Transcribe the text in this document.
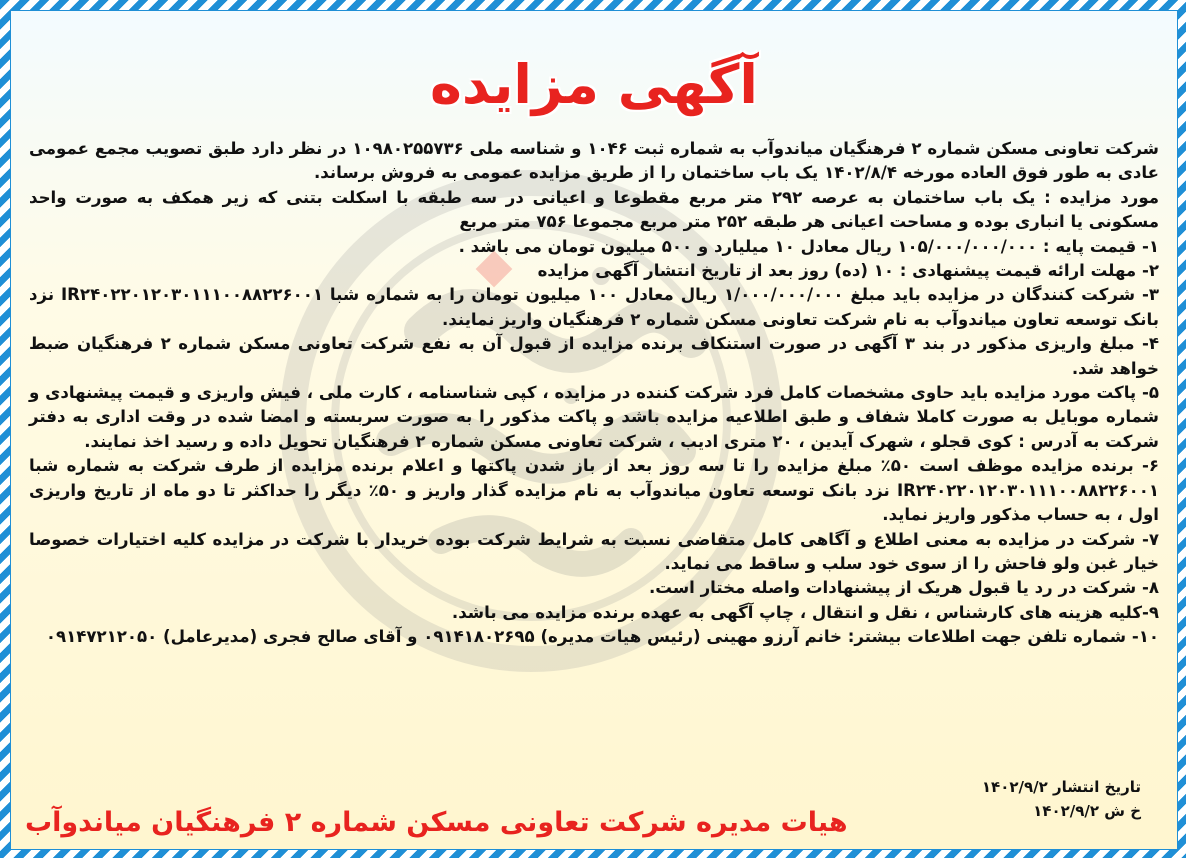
آگهی مزایده

شرکت تعاونی مسکن شماره ۲ فرهنگیان میاندوآب به شماره ثبت ۱۰۴۶ و شناسه ملی ۱۰۹۸۰۲۵۵۷۳۶ در نظر دارد طبق تصویب مجمع عمومی عادی به طور فوق العاده مورخه ۱۴۰۲/۸/۴ یک باب ساختمان را از طریق مزایده عمومی به فروش برساند.

مورد مزایده : یک باب ساختمان به عرصه ۲۹۲ متر مربع مقطوعا و اعیانی در سه طبقه با اسکلت بتنی که زیر همکف به صورت واحد مسکونی یا انباری بوده و مساحت اعیانی هر طبقه ۲۵۲ متر مربع مجموعا ۷۵۶ متر مربع

۱- قیمت پایه : ۱۰۵/۰۰۰/۰۰۰/۰۰۰ ریال معادل ۱۰ میلیارد و ۵۰۰ میلیون تومان می باشد .

۲- مهلت ارائه قیمت پیشنهادی : ۱۰ (ده) روز بعد از تاریخ انتشار آگهی مزایده

۳- شرکت کنندگان در مزایده باید مبلغ ۱/۰۰۰/۰۰۰/۰۰۰ ریال معادل ۱۰۰ میلیون تومان را به شماره شبا IR۲۴۰۲۲۰۱۲۰۳۰۱۱۱۰۰۸۸۲۲۶۰۰۱ نزد بانک توسعه تعاون میاندوآب به نام شرکت تعاونی مسکن شماره ۲ فرهنگیان واریز نمایند.

۴- مبلغ واریزی مذکور در بند ۳ آگهی در صورت استنکاف برنده مزایده از قبول آن به نفع شرکت تعاونی مسکن شماره ۲ فرهنگیان ضبط خواهد شد.

۵- پاکت مورد مزایده باید حاوی مشخصات کامل فرد شرکت کننده در مزایده ، کپی شناسنامه ، کارت ملی ، فیش واریزی و قیمت پیشنهادی و شماره موبایل به صورت کاملا شفاف و طبق اطلاعیه مزایده باشد و پاکت مذکور را به صورت سربسته و امضا شده در وقت اداری به دفتر شرکت به آدرس : کوی قجلو ، شهرک آیدین ، ۲۰ متری ادیب ، شرکت تعاونی مسکن شماره ۲ فرهنگیان تحویل داده و رسید اخذ نمایند.

۶- برنده مزایده موظف است ۵۰٪ مبلغ مزایده را تا سه روز بعد از باز شدن پاکتها و اعلام برنده مزایده از طرف شرکت به شماره شبا IR۲۴۰۲۲۰۱۲۰۳۰۱۱۱۰۰۸۸۲۲۶۰۰۱ نزد بانک توسعه تعاون میاندوآب به نام مزایده گذار واریز و ۵۰٪ دیگر را حداکثر تا دو ماه از تاریخ واریزی اول ، به حساب مذکور واریز نماید.

۷- شرکت در مزایده به معنی اطلاع و آگاهی کامل متقاضی نسبت به شرایط شرکت بوده خریدار با شرکت در مزایده کلیه اختیارات خصوصا خیار غبن ولو فاحش را از سوی خود سلب و ساقط می نماید.

۸- شرکت در رد یا قبول هریک از پیشنهادات واصله مختار است.

۹-کلیه هزینه های کارشناس ، نقل و انتقال ، چاپ آگهی به عهده برنده مزایده می باشد.

۱۰- شماره تلفن جهت اطلاعات بیشتر: خانم آرزو مهینی (رئیس هیات مدیره) ۰۹۱۴۱۸۰۲۶۹۵ و آقای صالح فجری (مدیرعامل) ۰۹۱۴۷۲۱۲۰۵۰

تاریخ انتشار ۱۴۰۲/۹/۲
خ ش ۱۴۰۲/۹/۲
هیات مدیره شرکت تعاونی مسکن شماره ۲ فرهنگیان میاندوآب
